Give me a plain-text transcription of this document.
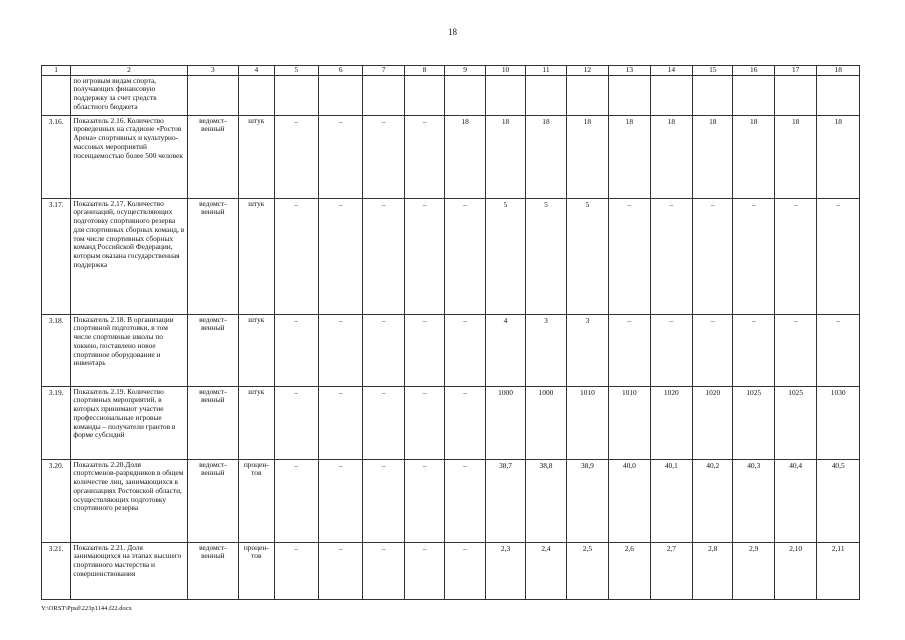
18
1	2	3	4	5	6	7	8	9	10	11	12	13	14	15	16	17	18
	по игровым видам спорта, получающих финансовую поддержку за счет средств областного бюджета																
3.16.	Показатель 2.16. Количество проведенных на стадионе «Ростов Арена» спортивных и культурно-массовых мероприятий посещаемостью более 500 человек	ведомст-венный	штук	–	–	–	–	18	18	18	18	18	18	18	18	18	18
3.17.	Показатель 2.17. Количество организаций, осуществляющих подготовку спортивного резерва для спортивных сборных команд, в том числе спортивных сборных команд Российской Федерации, которым оказана государственная поддержка	ведомст-венный	штук	–	–	–	–	–	5	5	5	–	–	–	–	–	–
3.18.	Показатель 2.18. В организации спортивной подготовки, в том числе спортивные школы по хоккею, поставлено новое спортивное оборудование и инвентарь	ведомст-венный	штук	–	–	–	–	–	4	3	3	–	–	–	–	–	–
3.19.	Показатель 2.19. Количество спортивных мероприятий, в которых принимают участие профессиональные игровые команды – получатели грантов в форме субсидий	ведомст-венный	штук	–	–	–	–	–	1000	1000	1010	1010	1020	1020	1025	1025	1030
3.20.	Показатель 2.20.Доля спортсменов-разрядников в общем количестве лиц, занимающихся в организациях Ростовской области, осуществляющих подготовку спортивного резерва	ведомст-венный	процен-тов	–	–	–	–	–	38,7	38,8	38,9	40,0	40,1	40,2	40,3	40,4	40,5
3.21.	Показатель 2.21. Доля занимающихся на этапах высшего спортивного мастерства и совершенствования	ведомст-венный	процен-тов	–	–	–	–	–	2,3	2,4	2,5	2,6	2,7	2,8	2,9	2,10	2,11
Y:\ORST\Ppsd\223p1144.f22.docx
